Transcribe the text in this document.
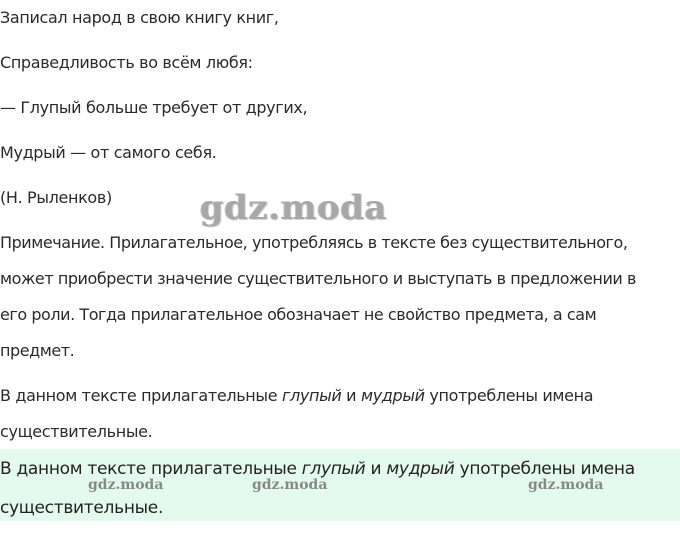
Записал народ в свою книгу книг,

Справедливость во всём любя:

— Глупый больше требует от других,

Мудрый — от самого себя.

(Н. Рыленков)	gdz.moda

Примечание. Прилагательное, употребляясь в тексте без существительного,

может приобрести значение существительного и выступать в предложении в

его роли. Тогда прилагательное обозначает не свойство предмета, а сам

предмет.

В данном тексте прилагательные глупый и мудрый употреблены имена

существительные.

В данном тексте прилагательные глупый и мудрый употреблены имена

существительные.

gdz.moda	gdz.moda	gdz.moda
